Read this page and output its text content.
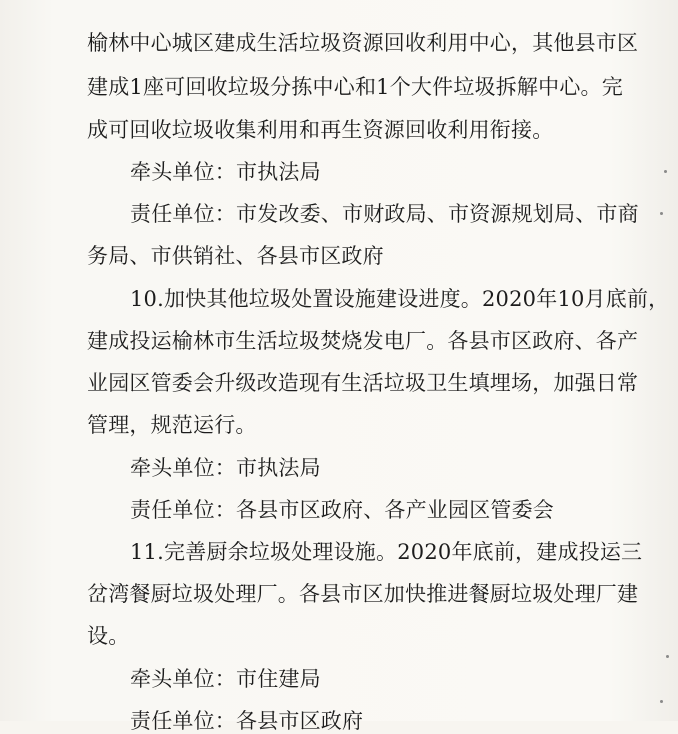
榆林中心城区建成生活垃圾资源回收利用中心，其他县市区
建成1座可回收垃圾分拣中心和1个大件垃圾拆解中心。完
成可回收垃圾收集利用和再生资源回收利用衔接。
牵头单位：市执法局
责任单位：市发改委、市财政局、市资源规划局、市商
务局、市供销社、各县市区政府
10.加快其他垃圾处置设施建设进度。2020年10月底前，
建成投运榆林市生活垃圾焚烧发电厂。各县市区政府、各产
业园区管委会升级改造现有生活垃圾卫生填埋场，加强日常
管理，规范运行。
牵头单位：市执法局
责任单位：各县市区政府、各产业园区管委会
11.完善厨余垃圾处理设施。2020年底前，建成投运三
岔湾餐厨垃圾处理厂。各县市区加快推进餐厨垃圾处理厂建
设。
牵头单位：市住建局
责任单位：各县市区政府
